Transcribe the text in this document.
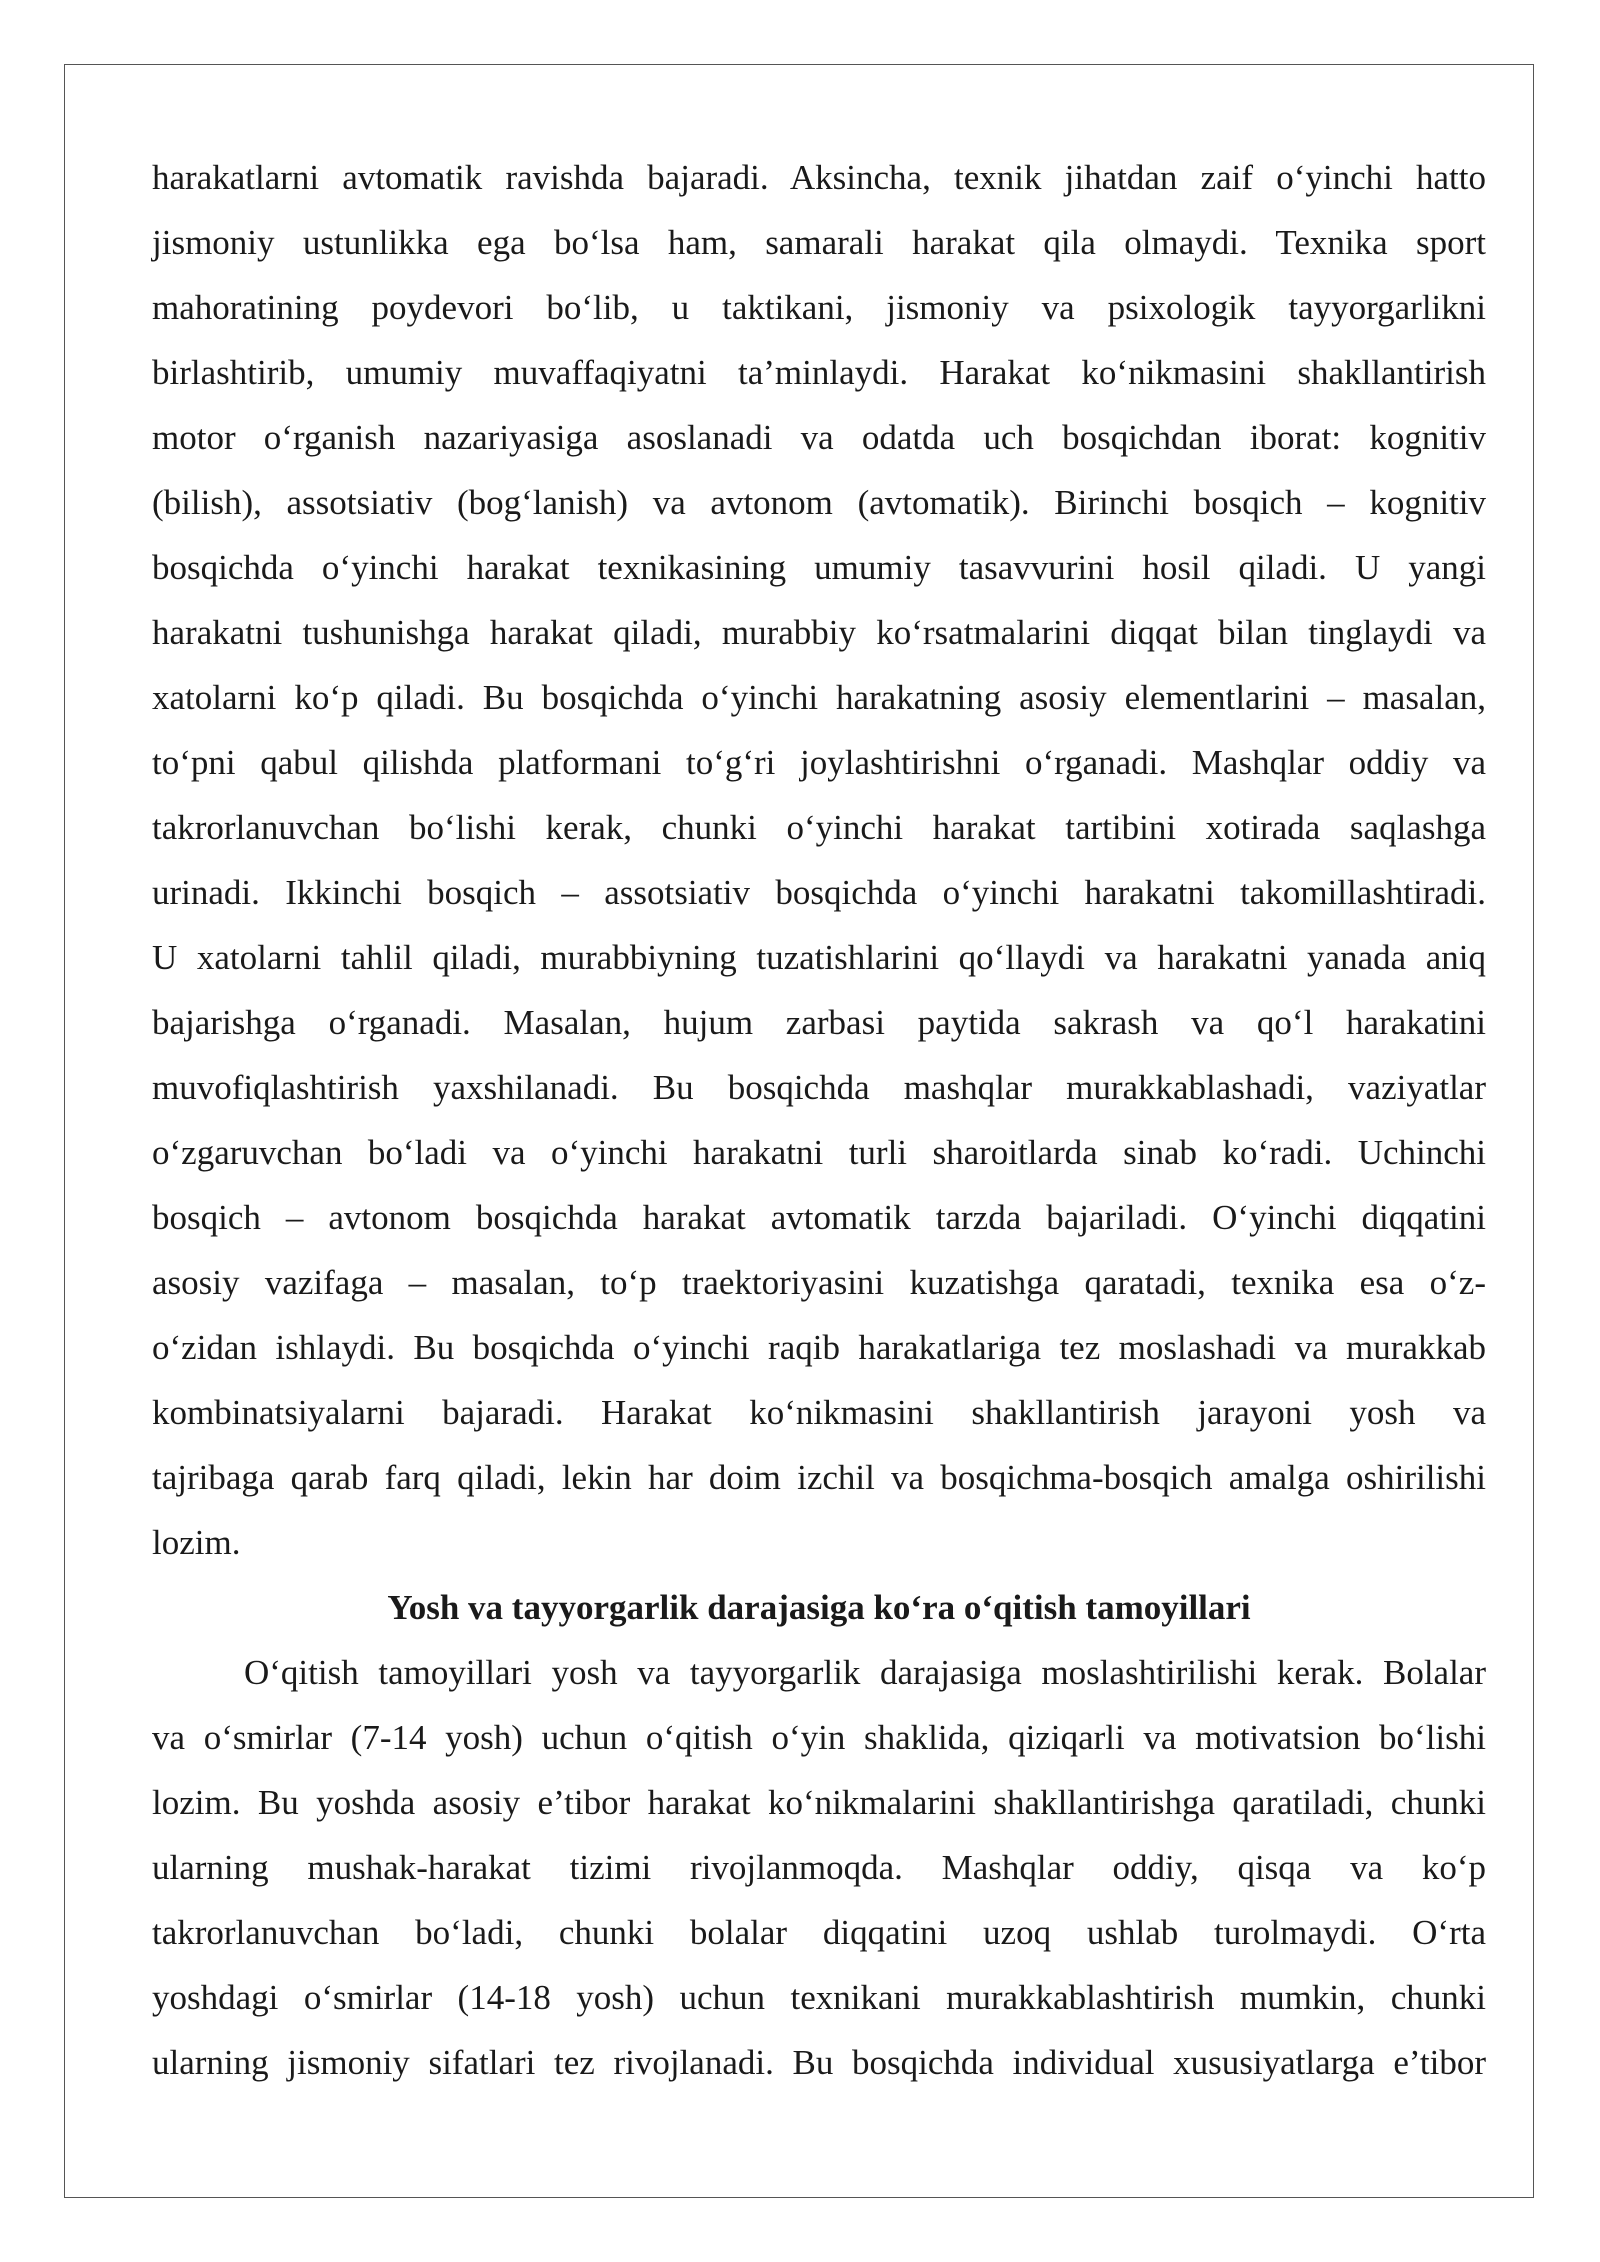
harakatlarni avtomatik ravishda bajaradi. Aksincha, texnik jihatdan zaif o‘yinchi hatto
jismoniy ustunlikka ega bo‘lsa ham, samarali harakat qila olmaydi. Texnika sport
mahoratining poydevori bo‘lib, u taktikani, jismoniy va psixologik tayyorgarlikni
birlashtirib, umumiy muvaffaqiyatni ta’minlaydi. Harakat ko‘nikmasini shakllantirish
motor o‘rganish nazariyasiga asoslanadi va odatda uch bosqichdan iborat: kognitiv
(bilish), assotsiativ (bog‘lanish) va avtonom (avtomatik). Birinchi bosqich – kognitiv
bosqichda o‘yinchi harakat texnikasining umumiy tasavvurini hosil qiladi. U yangi
harakatni tushunishga harakat qiladi, murabbiy ko‘rsatmalarini diqqat bilan tinglaydi va
xatolarni ko‘p qiladi. Bu bosqichda o‘yinchi harakatning asosiy elementlarini – masalan,
to‘pni qabul qilishda platformani to‘g‘ri joylashtirishni o‘rganadi. Mashqlar oddiy va
takrorlanuvchan bo‘lishi kerak, chunki o‘yinchi harakat tartibini xotirada saqlashga
urinadi. Ikkinchi bosqich – assotsiativ bosqichda o‘yinchi harakatni takomillashtiradi.
U xatolarni tahlil qiladi, murabbiyning tuzatishlarini qo‘llaydi va harakatni yanada aniq
bajarishga o‘rganadi. Masalan, hujum zarbasi paytida sakrash va qo‘l harakatini
muvofiqlashtirish yaxshilanadi. Bu bosqichda mashqlar murakkablashadi, vaziyatlar
o‘zgaruvchan bo‘ladi va o‘yinchi harakatni turli sharoitlarda sinab ko‘radi. Uchinchi
bosqich – avtonom bosqichda harakat avtomatik tarzda bajariladi. O‘yinchi diqqatini
asosiy vazifaga – masalan, to‘p traektoriyasini kuzatishga qaratadi, texnika esa o‘z-
o‘zidan ishlaydi. Bu bosqichda o‘yinchi raqib harakatlariga tez moslashadi va murakkab
kombinatsiyalarni bajaradi. Harakat ko‘nikmasini shakllantirish jarayoni yosh va
tajribaga qarab farq qiladi, lekin har doim izchil va bosqichma-bosqich amalga oshirilishi
lozim.
Yosh va tayyorgarlik darajasiga ko‘ra o‘qitish tamoyillari
O‘qitish tamoyillari yosh va tayyorgarlik darajasiga moslashtirilishi kerak. Bolalar
va o‘smirlar (7-14 yosh) uchun o‘qitish o‘yin shaklida, qiziqarli va motivatsion bo‘lishi
lozim. Bu yoshda asosiy e’tibor harakat ko‘nikmalarini shakllantirishga qaratiladi, chunki
ularning mushak-harakat tizimi rivojlanmoqda. Mashqlar oddiy, qisqa va ko‘p
takrorlanuvchan bo‘ladi, chunki bolalar diqqatini uzoq ushlab turolmaydi. O‘rta
yoshdagi o‘smirlar (14-18 yosh) uchun texnikani murakkablashtirish mumkin, chunki
ularning jismoniy sifatlari tez rivojlanadi. Bu bosqichda individual xususiyatlarga e’tibor
